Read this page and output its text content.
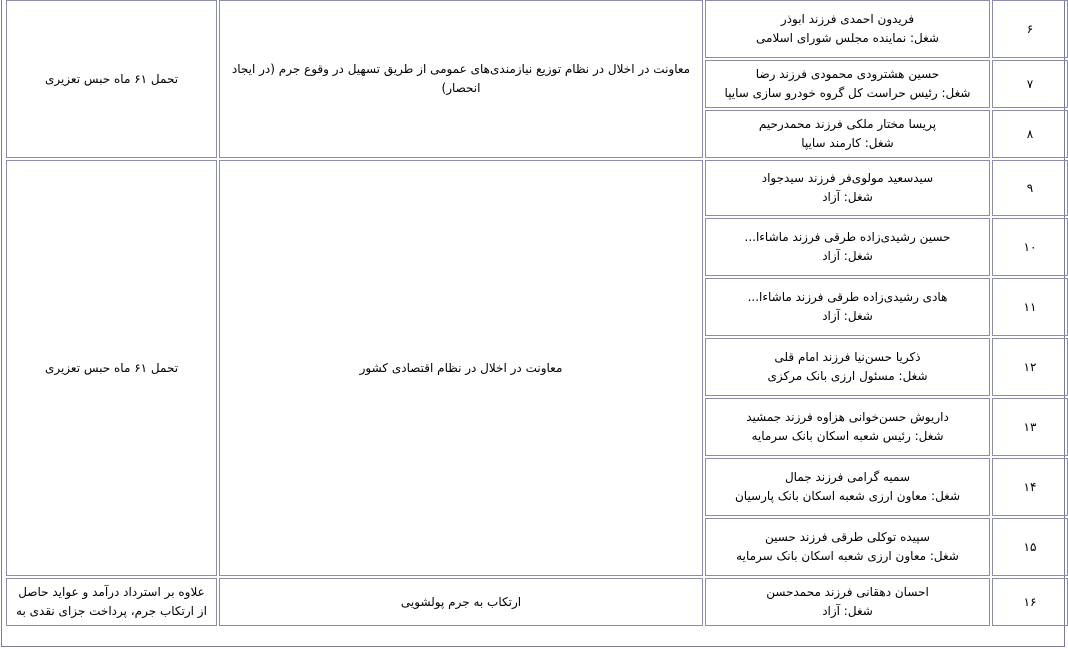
۶	فریدون احمدی فرزند ابوذر
شغل: نماینده مجلس شورای اسلامی	معاونت در اخلال در نظام توزیع نیازمندی‌های عمومی از طریق تسهیل در وقوع جرم (در ایجاد انحصار)	تحمل ۶۱ ماه حبس تعزیری

۷	حسین هشترودی محمودی فرزند رضا
شغل: رئیس حراست کل گروه خودرو سازی سایپا		

۸	پریسا مختار ملکی فرزند محمدرحیم
شغل: کارمند سایپا		

۹	سیدسعید مولوی‌فر فرزند سیدجواد
شغل: آزاد	معاونت در اخلال در نظام اقتصادی کشور	تحمل ۶۱ ماه حبس تعزیری

۱۰	حسین رشیدی‌زاده طرقی فرزند ماشاءا...
شغل: آزاد		

۱۱	هادی رشیدی‌زاده طرقی فرزند ماشاءا...
شغل: آزاد		

۱۲	ذکریا حسن‌نیا فرزند امام قلی
شغل: مسئول ارزی بانک مرکزی		

۱۳	داریوش حسن‌خوانی هزاوه فرزند جمشید
شغل: رئیس شعبه اسکان بانک سرمایه		

۱۴	سمیه گرامی فرزند جمال
شغل: معاون ارزی شعبه اسکان بانک پارسیان		

۱۵	سپیده توکلی طرقی فرزند حسین
شغل: معاون ارزی شعبه اسکان بانک سرمایه		

۱۶	احسان دهقانی فرزند محمدحسن
شغل: آزاد	ارتکاب به جرم پولشویی	علاوه بر استرداد درآمد و عواید حاصل از ارتکاب جرم، پرداخت جزای نقدی به
